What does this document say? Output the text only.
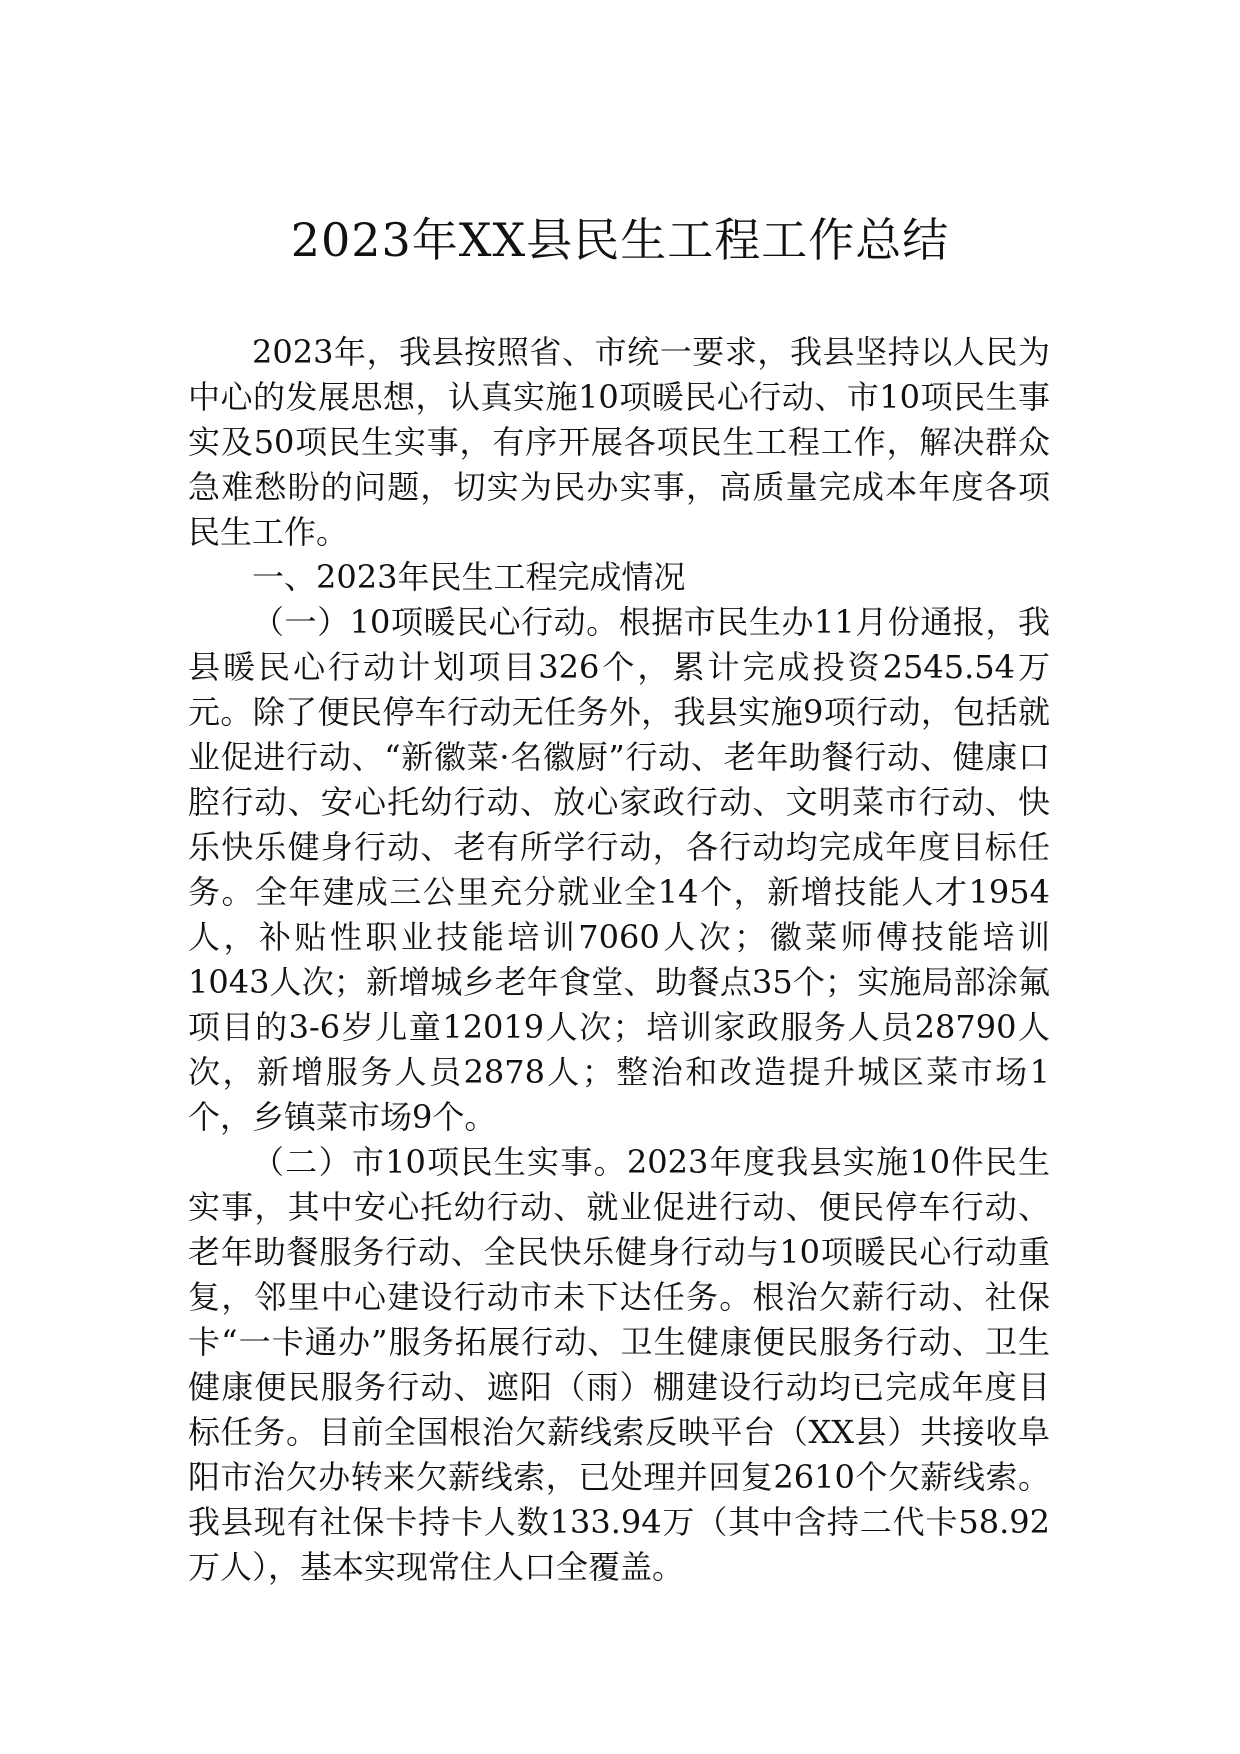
2023年XX县民生工程工作总结

2023年，我县按照省、市统一要求，我县坚持以人民为中心的发展思想，认真实施10项暖民心行动、市10项民生事实及50项民生实事，有序开展各项民生工程工作，解决群众急难愁盼的问题，切实为民办实事，高质量完成本年度各项民生工作。

一、2023年民生工程完成情况

（一）10项暖民心行动。根据市民生办11月份通报，我县暖民心行动计划项目326个，累计完成投资2545.54万元。除了便民停车行动无任务外，我县实施9项行动，包括就业促进行动、“新徽菜·名徽厨”行动、老年助餐行动、健康口腔行动、安心托幼行动、放心家政行动、文明菜市行动、快乐快乐健身行动、老有所学行动，各行动均完成年度目标任务。全年建成三公里充分就业全14个，新增技能人才1954人，补贴性职业技能培训7060人次；徽菜师傅技能培训1043人次；新增城乡老年食堂、助餐点35个；实施局部涂氟项目的3-6岁儿童12019人次；培训家政服务人员28790人次，新增服务人员2878人；整治和改造提升城区菜市场1个，乡镇菜市场9个。

（二）市10项民生实事。2023年度我县实施10件民生实事，其中安心托幼行动、就业促进行动、便民停车行动、老年助餐服务行动、全民快乐健身行动与10项暖民心行动重复，邻里中心建设行动市未下达任务。根治欠薪行动、社保卡“一卡通办”服务拓展行动、卫生健康便民服务行动、卫生健康便民服务行动、遮阳（雨）棚建设行动均已完成年度目标任务。目前全国根治欠薪线索反映平台（XX县）共接收阜阳市治欠办转来欠薪线索，已处理并回复2610个欠薪线索。我县现有社保卡持卡人数133.94万（其中含持二代卡58.92万人），基本实现常住人口全覆盖。
